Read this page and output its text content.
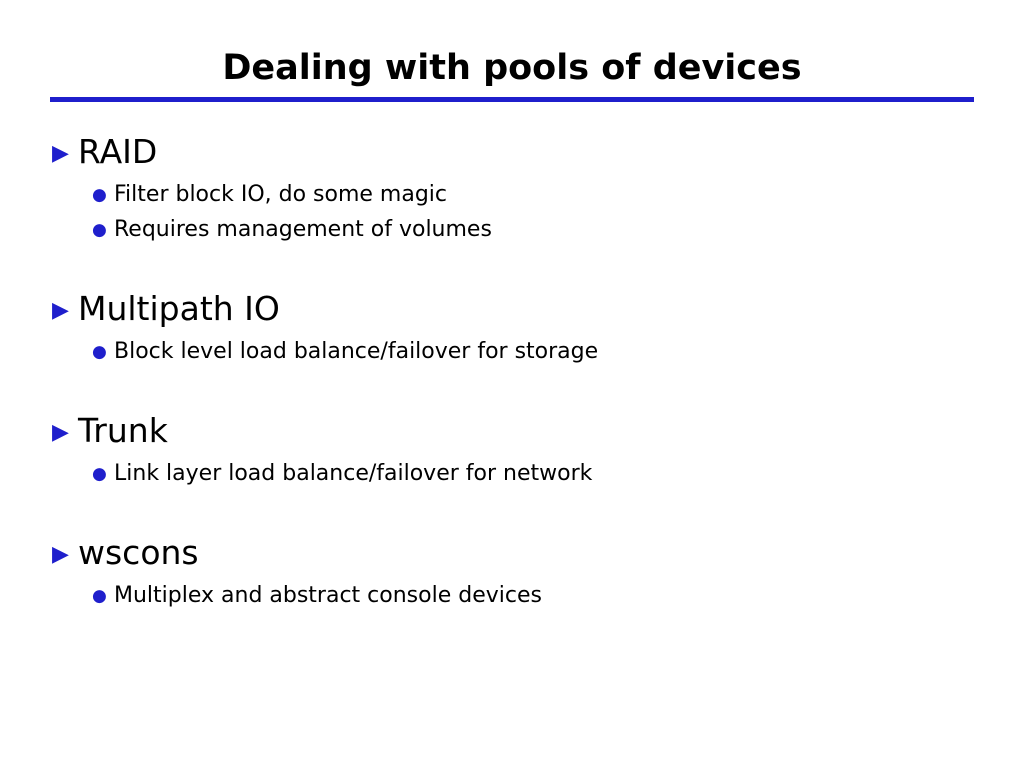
Dealing with pools of devices
▶ RAID
● Filter block IO, do some magic
● Requires management of volumes
▶ Multipath IO
● Block level load balance/failover for storage
▶ Trunk
● Link layer load balance/failover for network
▶ wscons
● Multiplex and abstract console devices
